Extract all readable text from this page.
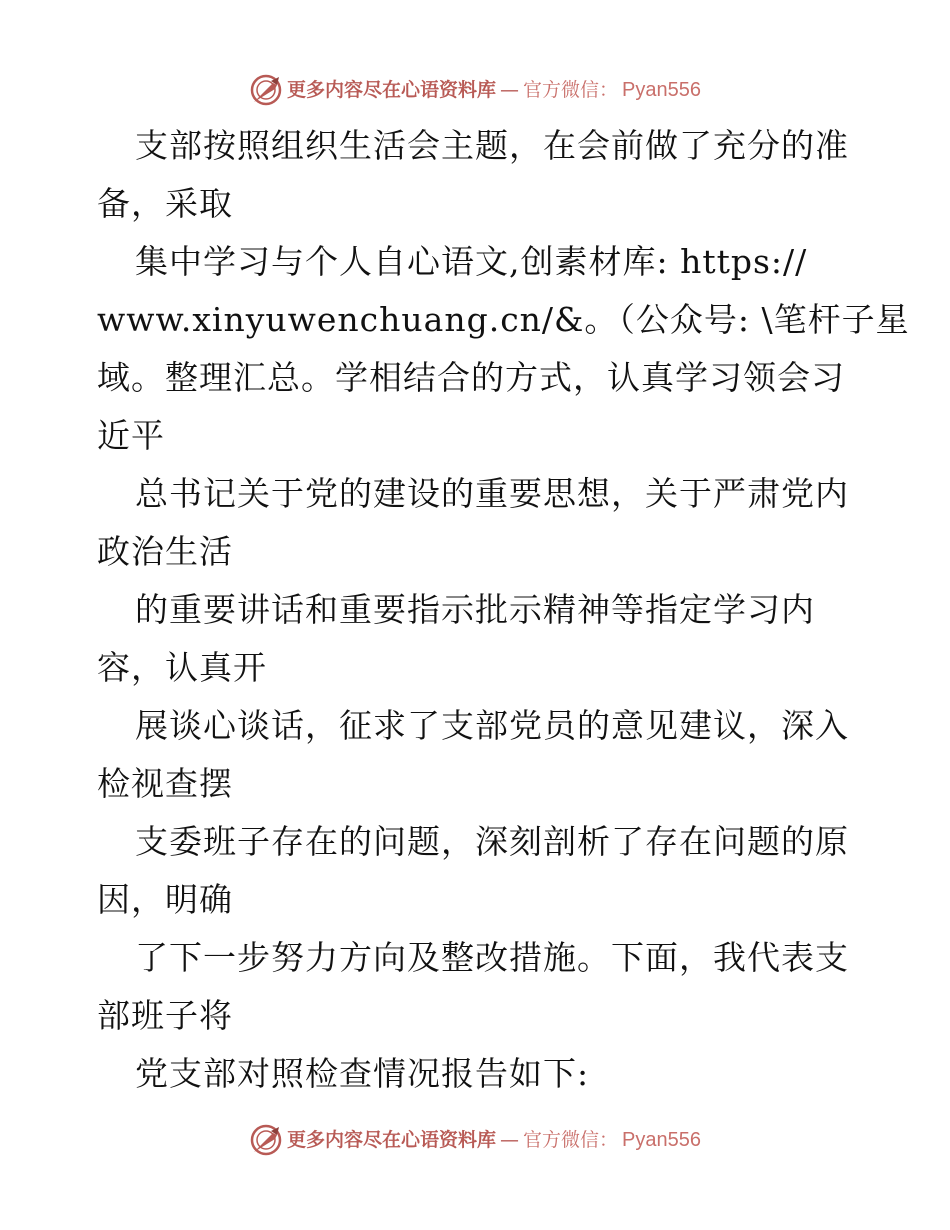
更多内容尽在心语资料库 — 官方微信： Pyan556

支部按照组织生活会主题，在会前做了充分的准

备，采取

集中学习与个人自心语文,创素材库: https://

www.xinyuwenchuang.cn/&。（公众号: \笔杆子星

域。整理汇总。学相结合的方式，认真学习领会习

近平

总书记关于党的建设的重要思想，关于严肃党内

政治生活

的重要讲话和重要指示批示精神等指定学习内

容，认真开

展谈心谈话，征求了支部党员的意见建议，深入

检视查摆

支委班子存在的问题，深刻剖析了存在问题的原

因，明确

了下一步努力方向及整改措施。下面，我代表支

部班子将

党支部对照检查情况报告如下:

更多内容尽在心语资料库 — 官方微信： Pyan556
